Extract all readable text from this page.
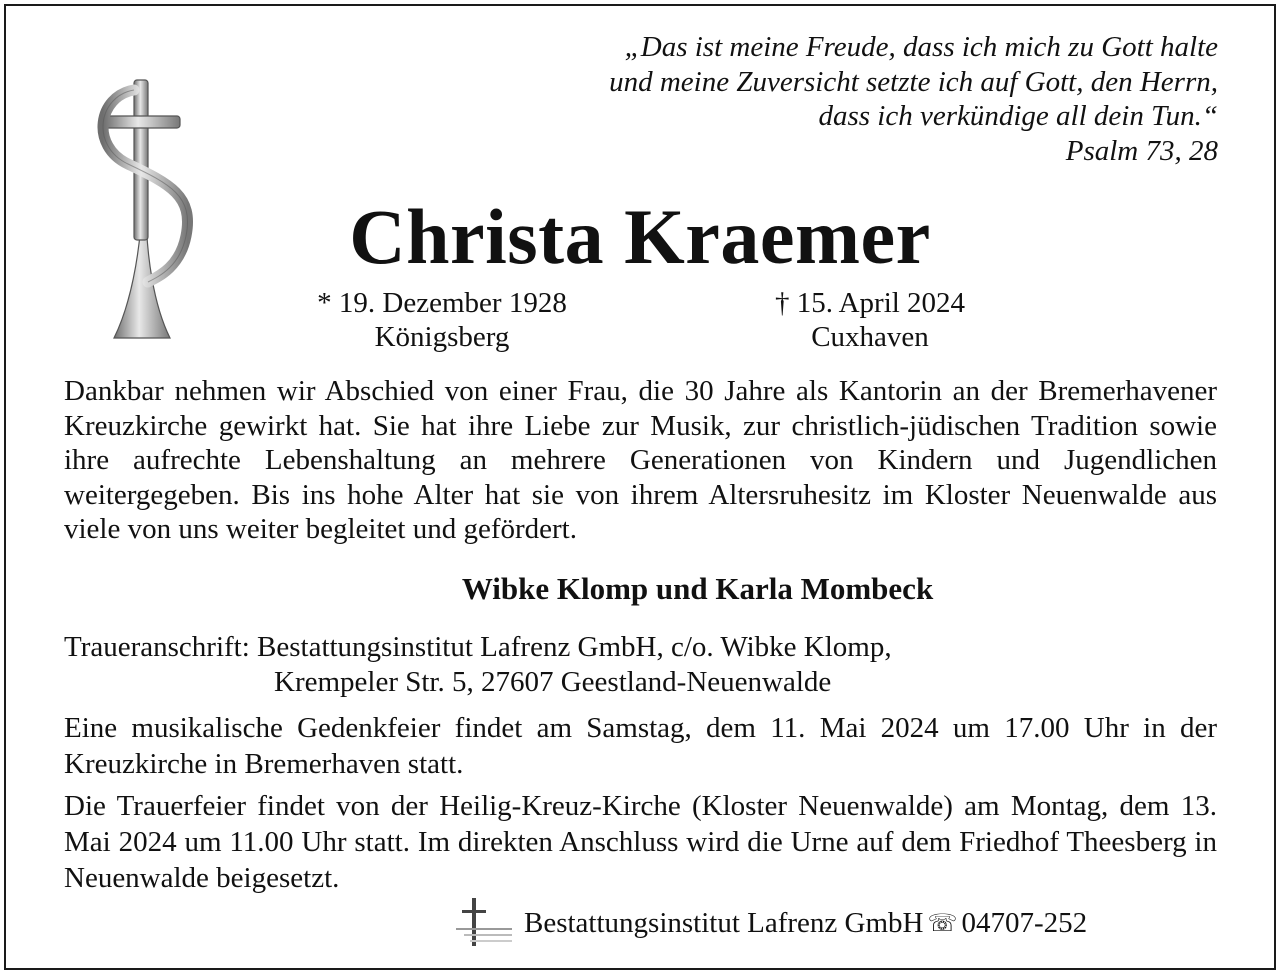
„Das ist meine Freude, dass ich mich zu Gott halte
und meine Zuversicht setzte ich auf Gott, den Herrn,
dass ich verkündige all dein Tun.“
Psalm 73, 28
Christa Kraemer
* 19. Dezember 1928
Königsberg
† 15. April 2024
Cuxhaven
Dankbar nehmen wir Abschied von einer Frau, die 30 Jahre als Kantorin an der Bremerhavener Kreuzkirche gewirkt hat. Sie hat ihre Liebe zur Musik, zur christlich-jüdischen Tradition sowie ihre aufrechte Lebenshaltung an mehrere Generationen von Kindern und Jugendlichen weitergegeben. Bis ins hohe Alter hat sie von ihrem Altersruhesitz im Kloster Neuenwalde aus viele von uns weiter begleitet und gefördert.
Wibke Klomp und Karla Mombeck
Traueranschrift: Bestattungsinstitut Lafrenz GmbH, c/o. Wibke Klomp,
Krempeler Str. 5, 27607 Geestland-Neuenwalde
Eine musikalische Gedenkfeier findet am Samstag, dem 11. Mai 2024 um 17.00 Uhr in der Kreuzkirche in Bremerhaven statt.
Die Trauerfeier findet von der Heilig-Kreuz-Kirche (Kloster Neuenwalde) am Montag, dem 13. Mai 2024 um 11.00 Uhr statt. Im direkten Anschluss wird die Urne auf dem Friedhof Theesberg in Neuenwalde beigesetzt.
Bestattungsinstitut Lafrenz GmbH ☏ 04707-252
